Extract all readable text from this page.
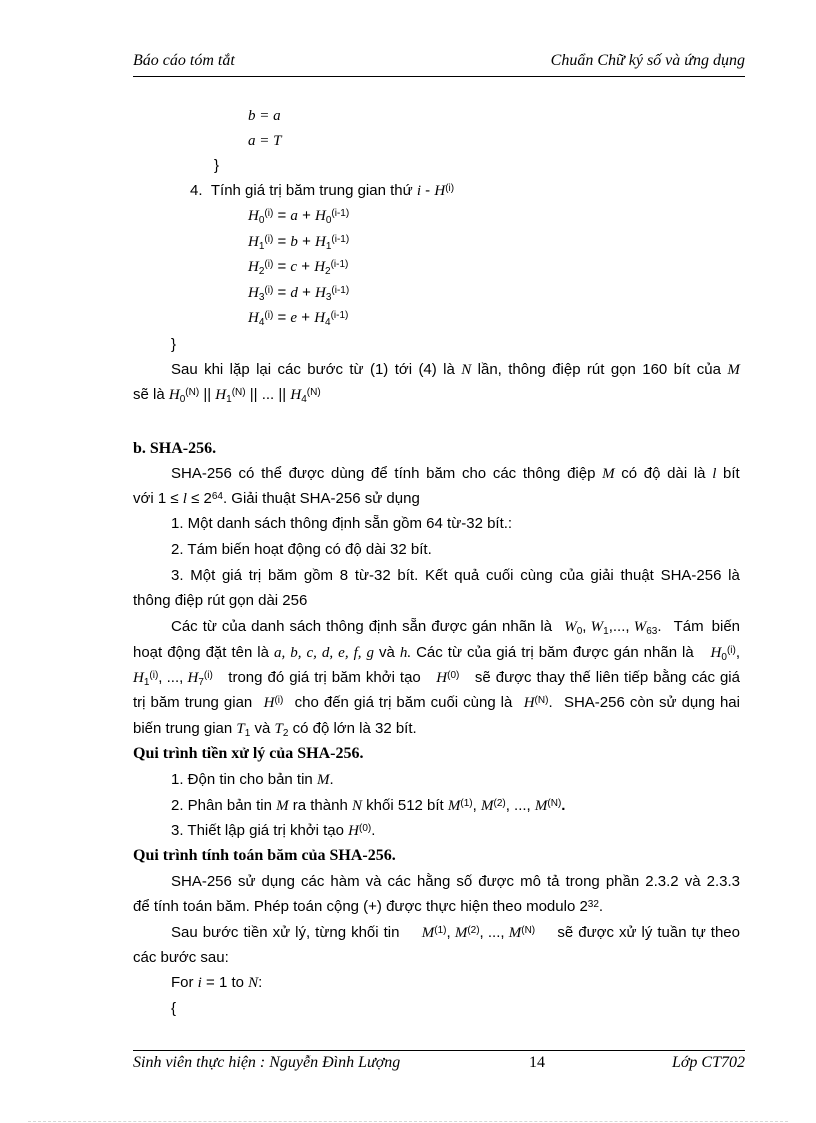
Báo cáo tóm tắt	Chuẩn Chữ ký số và ứng dụng
b = a
a = T
}
4. Tính giá trị băm trung gian thứ i - $H^{(i)}$
$H_0^{(i)} = a + H_0^{(i-1)}$
$H_1^{(i)} = b + H_1^{(i-1)}$
$H_2^{(i)} = c + H_2^{(i-1)}$
$H_3^{(i)} = d + H_3^{(i-1)}$
$H_4^{(i)} = e + H_4^{(i-1)}$
}
Sau khi lặp lại các bước từ (1) tới (4) là N lần, thông điệp rút gọn 160 bít của M
sẽ là $H_0^{(N)}$ || $H_1^{(N)}$ || ... || $H_4^{(N)}$
b. SHA-256.
SHA-256 có thể được dùng để tính băm cho các thông điệp M có độ dài là l bít
với $1 \le l \le 2^{64}$. Giải thuật SHA-256 sử dụng
1. Một danh sách thông định sẵn gồm 64 từ-32 bít.:
2. Tám biến hoạt động có độ dài 32 bít.
3. Một giá trị băm gồm 8 từ-32 bít. Kết quả cuối cùng của giải thuật SHA-256 là
thông điệp rút gọn dài 256
Các từ của danh sách thông định sẵn được gán nhãn là $W_0$, $W_1$,..., $W_{63}$. Tám biến
hoạt động đặt tên là a, b, c, d, e, f, g và h. Các từ của giá trị băm được gán nhãn là $H_0^{(i)}$,
$H_1^{(i)}$, ..., $H_7^{(i)}$ trong đó giá trị băm khởi tạo $H^{(0)}$ sẽ được thay thế liên tiếp bằng các giá
trị băm trung gian $H^{(i)}$ cho đến giá trị băm cuối cùng là $H^{(N)}$. SHA-256 còn sử dụng hai
biến trung gian $T_1$ và $T_2$ có độ lớn là 32 bít.
Qui trình tiền xử lý của SHA-256.
1. Độn tin cho bản tin M.
2. Phân bản tin M ra thành N khối 512 bít $M^{(1)}$, $M^{(2)}$, ..., $M^{(N)}$.
3. Thiết lập giá trị khởi tạo $H^{(0)}$.
Qui trình tính toán băm của SHA-256.
SHA-256 sử dụng các hàm và các hằng số được mô tả trong phần 2.3.2 và 2.3.3
để tính toán băm. Phép toán cộng (+) được thực hiện theo modulo $2^{32}$.
Sau bước tiền xử lý, từng khối tin $M^{(1)}$, $M^{(2)}$, ..., $M^{(N)}$ sẽ được xử lý tuần tự theo
các bước sau:
For i = 1 to N:
{
Sinh viên thực hiện : Nguyễn Đình Lượng	14	Lớp CT702
